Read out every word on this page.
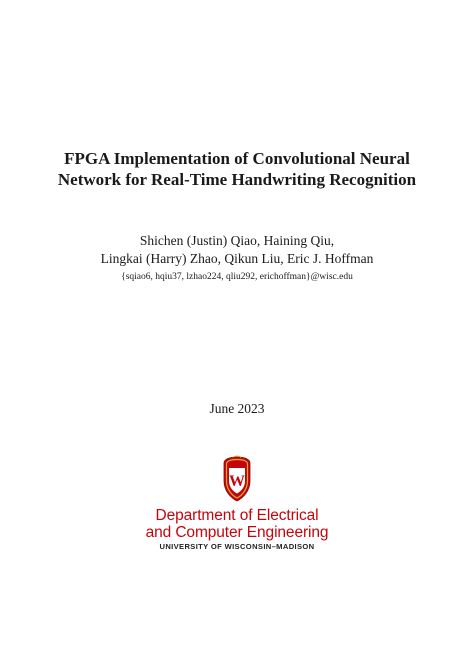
FPGA Implementation of Convolutional Neural
Network for Real-Time Handwriting Recognition
Shichen (Justin) Qiao, Haining Qiu,
Lingkai (Harry) Zhao, Qikun Liu, Eric J. Hoffman
{sqiao6, hqiu37, lzhao224, qliu292, erichoffman}@wisc.edu
June 2023
W
Department of Electrical
and Computer Engineering
UNIVERSITY OF WISCONSIN–MADISON
